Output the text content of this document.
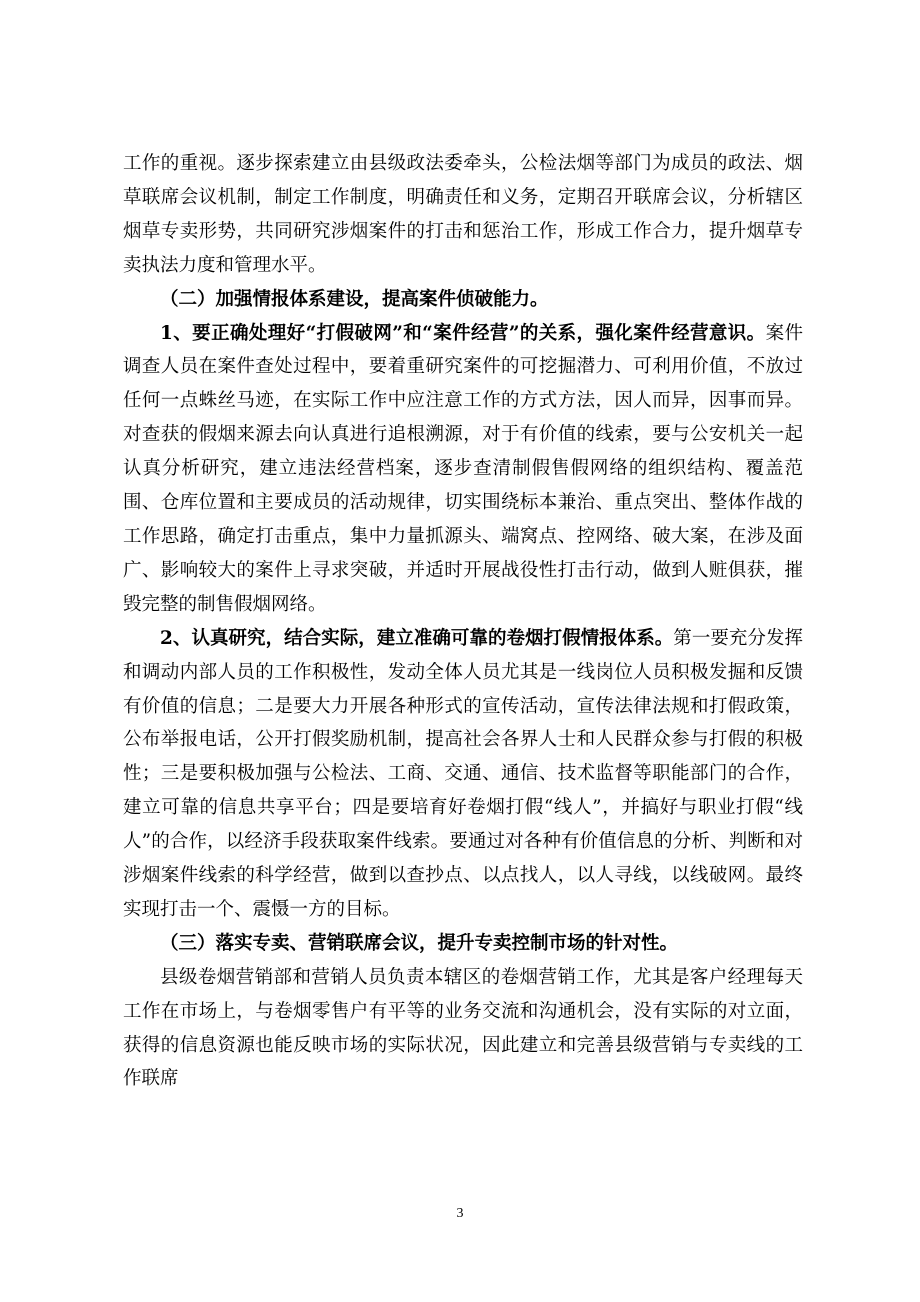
工作的重视。逐步探索建立由县级政法委牵头，公检法烟等部门为成员的政法、烟草联席会议机制，制定工作制度，明确责任和义务，定期召开联席会议，分析辖区烟草专卖形势，共同研究涉烟案件的打击和惩治工作，形成工作合力，提升烟草专卖执法力度和管理水平。

（二）加强情报体系建设，提高案件侦破能力。

1、要正确处理好“打假破网”和“案件经营”的关系，强化案件经营意识。案件调查人员在案件查处过程中，要着重研究案件的可挖掘潜力、可利用价值，不放过任何一点蛛丝马迹，在实际工作中应注意工作的方式方法，因人而异，因事而异。对查获的假烟来源去向认真进行追根溯源，对于有价值的线索，要与公安机关一起认真分析研究，建立违法经营档案，逐步查清制假售假网络的组织结构、覆盖范围、仓库位置和主要成员的活动规律，切实围绕标本兼治、重点突出、整体作战的工作思路，确定打击重点，集中力量抓源头、端窝点、控网络、破大案，在涉及面广、影响较大的案件上寻求突破，并适时开展战役性打击行动，做到人赃俱获，摧毁完整的制售假烟网络。

2、认真研究，结合实际，建立准确可靠的卷烟打假情报体系。第一要充分发挥和调动内部人员的工作积极性，发动全体人员尤其是一线岗位人员积极发掘和反馈有价值的信息；二是要大力开展各种形式的宣传活动，宣传法律法规和打假政策，公布举报电话，公开打假奖励机制，提高社会各界人士和人民群众参与打假的积极性；三是要积极加强与公检法、工商、交通、通信、技术监督等职能部门的合作，建立可靠的信息共享平台；四是要培育好卷烟打假“线人”，并搞好与职业打假“线人”的合作，以经济手段获取案件线索。要通过对各种有价值信息的分析、判断和对涉烟案件线索的科学经营，做到以查抄点、以点找人，以人寻线，以线破网。最终实现打击一个、震慑一方的目标。

（三）落实专卖、营销联席会议，提升专卖控制市场的针对性。

县级卷烟营销部和营销人员负责本辖区的卷烟营销工作，尤其是客户经理每天工作在市场上，与卷烟零售户有平等的业务交流和沟通机会，没有实际的对立面，获得的信息资源也能反映市场的实际状况，因此建立和完善县级营销与专卖线的工作联席

3
